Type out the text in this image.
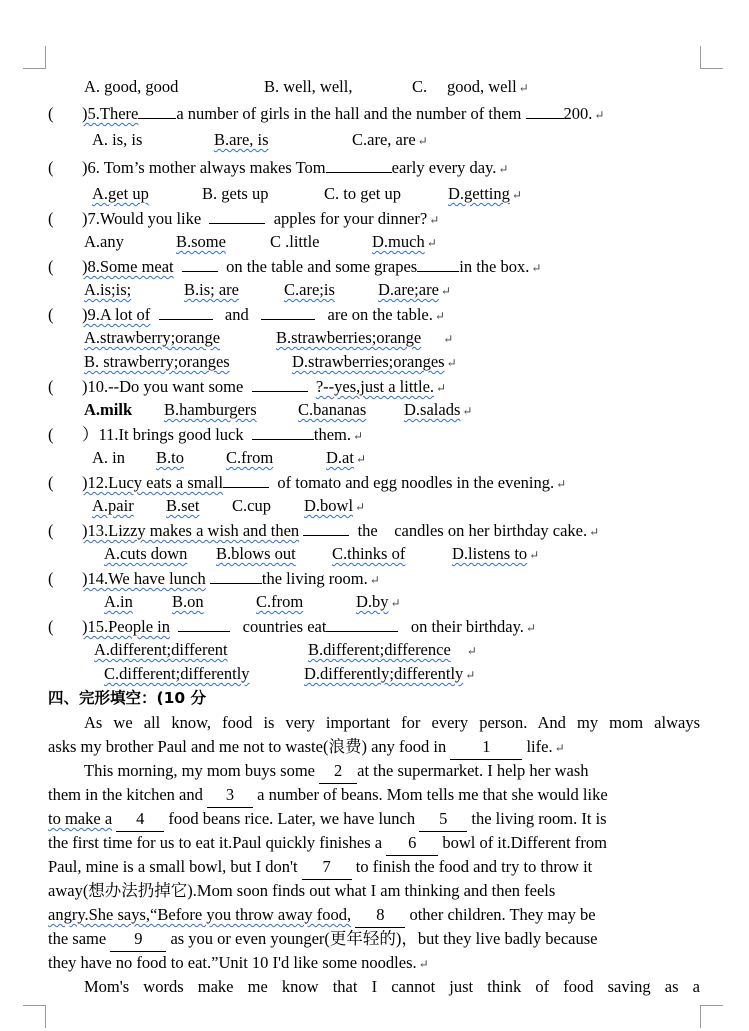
A. good, good	B. well, well,	C. good, well ↵
( )5.There a number of girls in the hall and the number of them	200. ↵
A. is, is	B.are, is	C.are, are ↵
( )6. Tom’s mother always makes Tom	early every day. ↵
A.get up	B. gets up	C. to get up	D.getting ↵
( )7.Would you like	apples for your dinner? ↵
A.any	B.some	C .little	D.much ↵
( )8.Some meat	on the table and some grapes	in the box. ↵
A.is;is;	B.is; are	C.are;is	D.are;are ↵
( )9.A lot of	and	are on the table. ↵
A.strawberry;orange	B.strawberries;orange ↵
B. strawberry;oranges	D.strawberries;oranges ↵
( )10.--Do you want some	?--yes,just a little. ↵
A.milk B.hamburgers	C.bananas D.salads ↵
( ）11.It brings good luck	them. ↵
A. in B.to	C.from	D.at ↵
( )12.Lucy eats a small	of tomato and egg noodles in the evening. ↵
A.pair B.set C.cup D.bowl ↵
( )13.Lizzy makes a wish and then	the candles on her birthday cake. ↵
A.cuts down B.blows out C.thinks of	D.listens to ↵
( )14.We have lunch	the living room. ↵
A.in B.on	C.from	D.by ↵
( )15.People in	countries eat	on their birthday. ↵
A.different;different	B.different;difference ↵
C.different;differently	D.differently;differently ↵
四、完形填空：(10 分
As we all know, food is very important for every person. And my mom always
asks my brother Paul and me not to waste(浪费) any food in 1 life. ↵
This morning, my mom buys some 2 at the supermarket. I help her wash
them in the kitchen and 3 a number of beans. Mom tells me that she would like
to make a 4 food beans rice. Later, we have lunch 5 the living room. It is
the first time for us to eat it.Paul quickly finishes a 6 bowl of it.Different from
Paul, mine is a small bowl, but I don't 7 to finish the food and try to throw it
away(想办法扔掉它).Mom soon finds out what I am thinking and then feels
angry.She says,“Before you throw away food, 8 other children. They may be
the same 9 as you or even younger(更年轻的)，but they live badly because
they have no food to eat.”Unit 10 I'd like some noodles. ↵
Mom's words make me know that I cannot just think of food saving as a
